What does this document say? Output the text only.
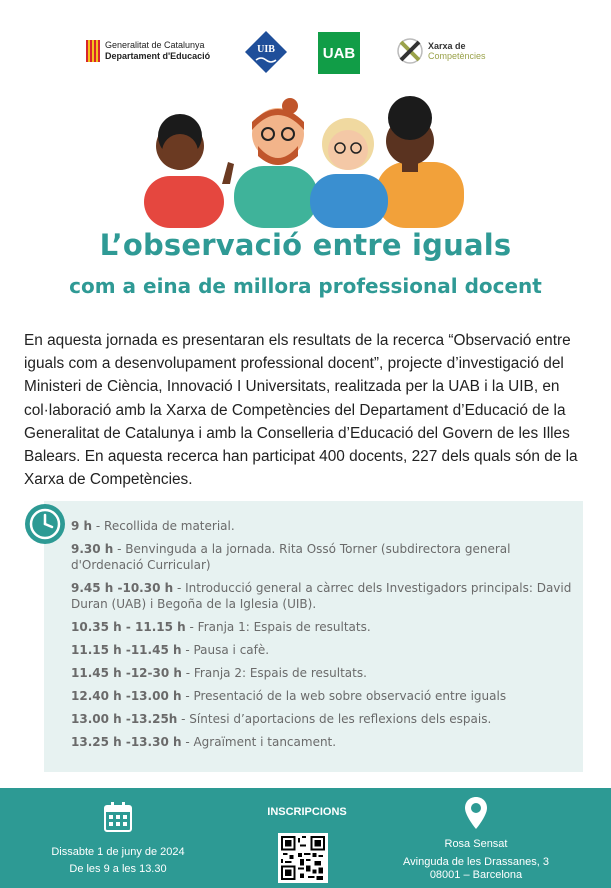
Generalitat de Catalunya
Departament d'Educació
UIB	UAB	Xarxa de
Competències
L’observació entre iguals
com a eina de millora professional docent

En aquesta jornada es presentaran els resultats de la recerca “Observació entre iguals com a desenvolupament professional docent”, projecte d’investigació del Ministeri de Ciència, Innovació I Universitats, realitzada per la UAB i la UIB, en col·laboració amb la Xarxa de Competències del Departament d’Educació de la Generalitat de Catalunya i amb la Conselleria d’Educació del Govern de les Illes Balears. En aquesta recerca han participat 400 docents, 227 dels quals són de la Xarxa de Competències.

9 h - Recollida de material.
9.30 h - Benvinguda a la jornada. Rita Ossó Torner (subdirectora general d'Ordenació Curricular)
9.45 h -10.30 h - Introducció general a càrrec dels Investigadors principals: David Duran (UAB) i Begoña de la Iglesia (UIB).
10.35 h - 11.15 h - Franja 1: Espais de resultats.
11.15 h -11.45 h - Pausa i cafè.
11.45 h -12-30 h - Franja 2: Espais de resultats.
12.40 h -13.00 h - Presentació de la web sobre observació entre iguals
13.00 h -13.25h - Síntesi d’aportacions de les reflexions dels espais.
13.25 h -13.30 h - Agraïment i tancament.
Dissabte 1 de juny de 2024
De les 9 a les 13.30
INSCRIPCIONS
Rosa Sensat
Avinguda de les Drassanes, 3
08001 – Barcelona
